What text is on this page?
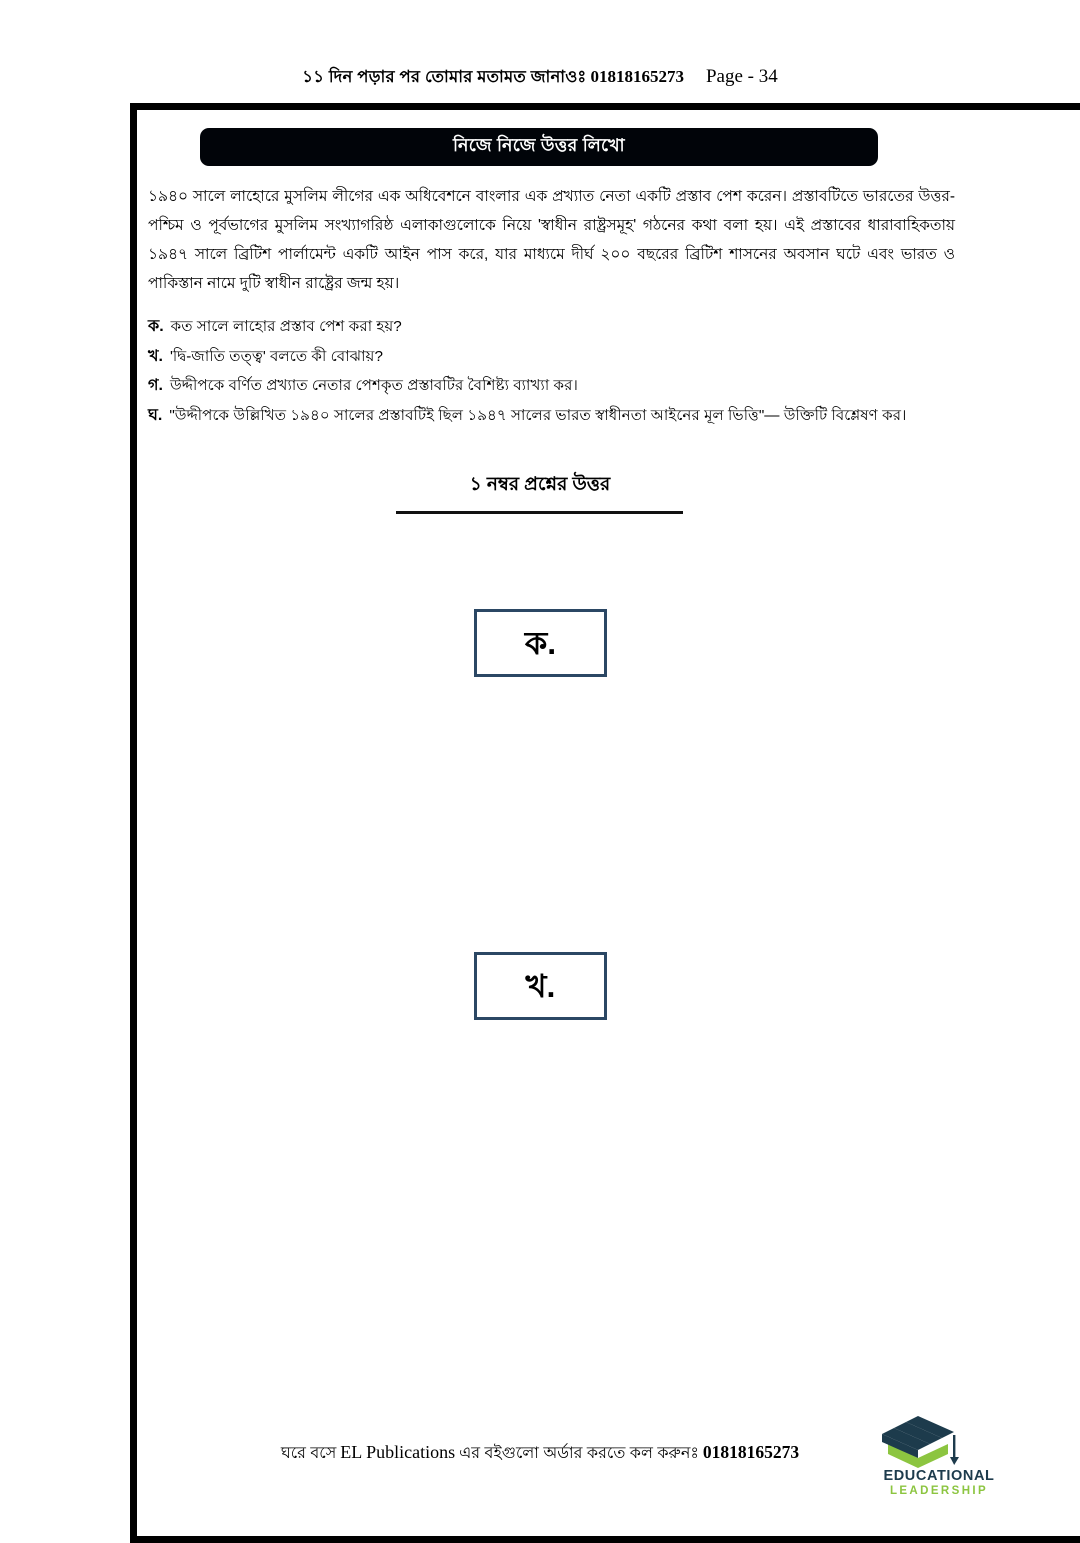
১১ দিন পড়ার পর তোমার মতামত জানাওঃ 01818165273 Page - 34
নিজে নিজে উত্তর লিখো
১৯৪০ সালে লাহোরে মুসলিম লীগের এক অধিবেশনে বাংলার এক প্রখ্যাত নেতা একটি প্রস্তাব পেশ করেন। প্রস্তাবটিতে ভারতের উত্তর-পশ্চিম ও পূর্বভাগের মুসলিম সংখ্যাগরিষ্ঠ এলাকাগুলোকে নিয়ে 'স্বাধীন রাষ্ট্রসমূহ' গঠনের কথা বলা হয়। এই প্রস্তাবের ধারাবাহিকতায় ১৯৪৭ সালে ব্রিটিশ পার্লামেন্ট একটি আইন পাস করে, যার মাধ্যমে দীর্ঘ ২০০ বছরের ব্রিটিশ শাসনের অবসান ঘটে এবং ভারত ও পাকিস্তান নামে দুটি স্বাধীন রাষ্ট্রের জন্ম হয়।
ক. কত সালে লাহোর প্রস্তাব পেশ করা হয়?
খ. 'দ্বি-জাতি তত্ত্ব' বলতে কী বোঝায়?
গ. উদ্দীপকে বর্ণিত প্রখ্যাত নেতার পেশকৃত প্রস্তাবটির বৈশিষ্ট্য ব্যাখ্যা কর।
ঘ. "উদ্দীপকে উল্লিখিত ১৯৪০ সালের প্রস্তাবটিই ছিল ১৯৪৭ সালের ভারত স্বাধীনতা আইনের মূল ভিত্তি"— উক্তিটি বিশ্লেষণ কর।
১ নম্বর প্রশ্নের উত্তর
ক.
খ.
ঘরে বসে EL Publications এর বইগুলো অর্ডার করতে কল করুনঃ 01818165273
EDUCATIONAL
LEADERSHIP
